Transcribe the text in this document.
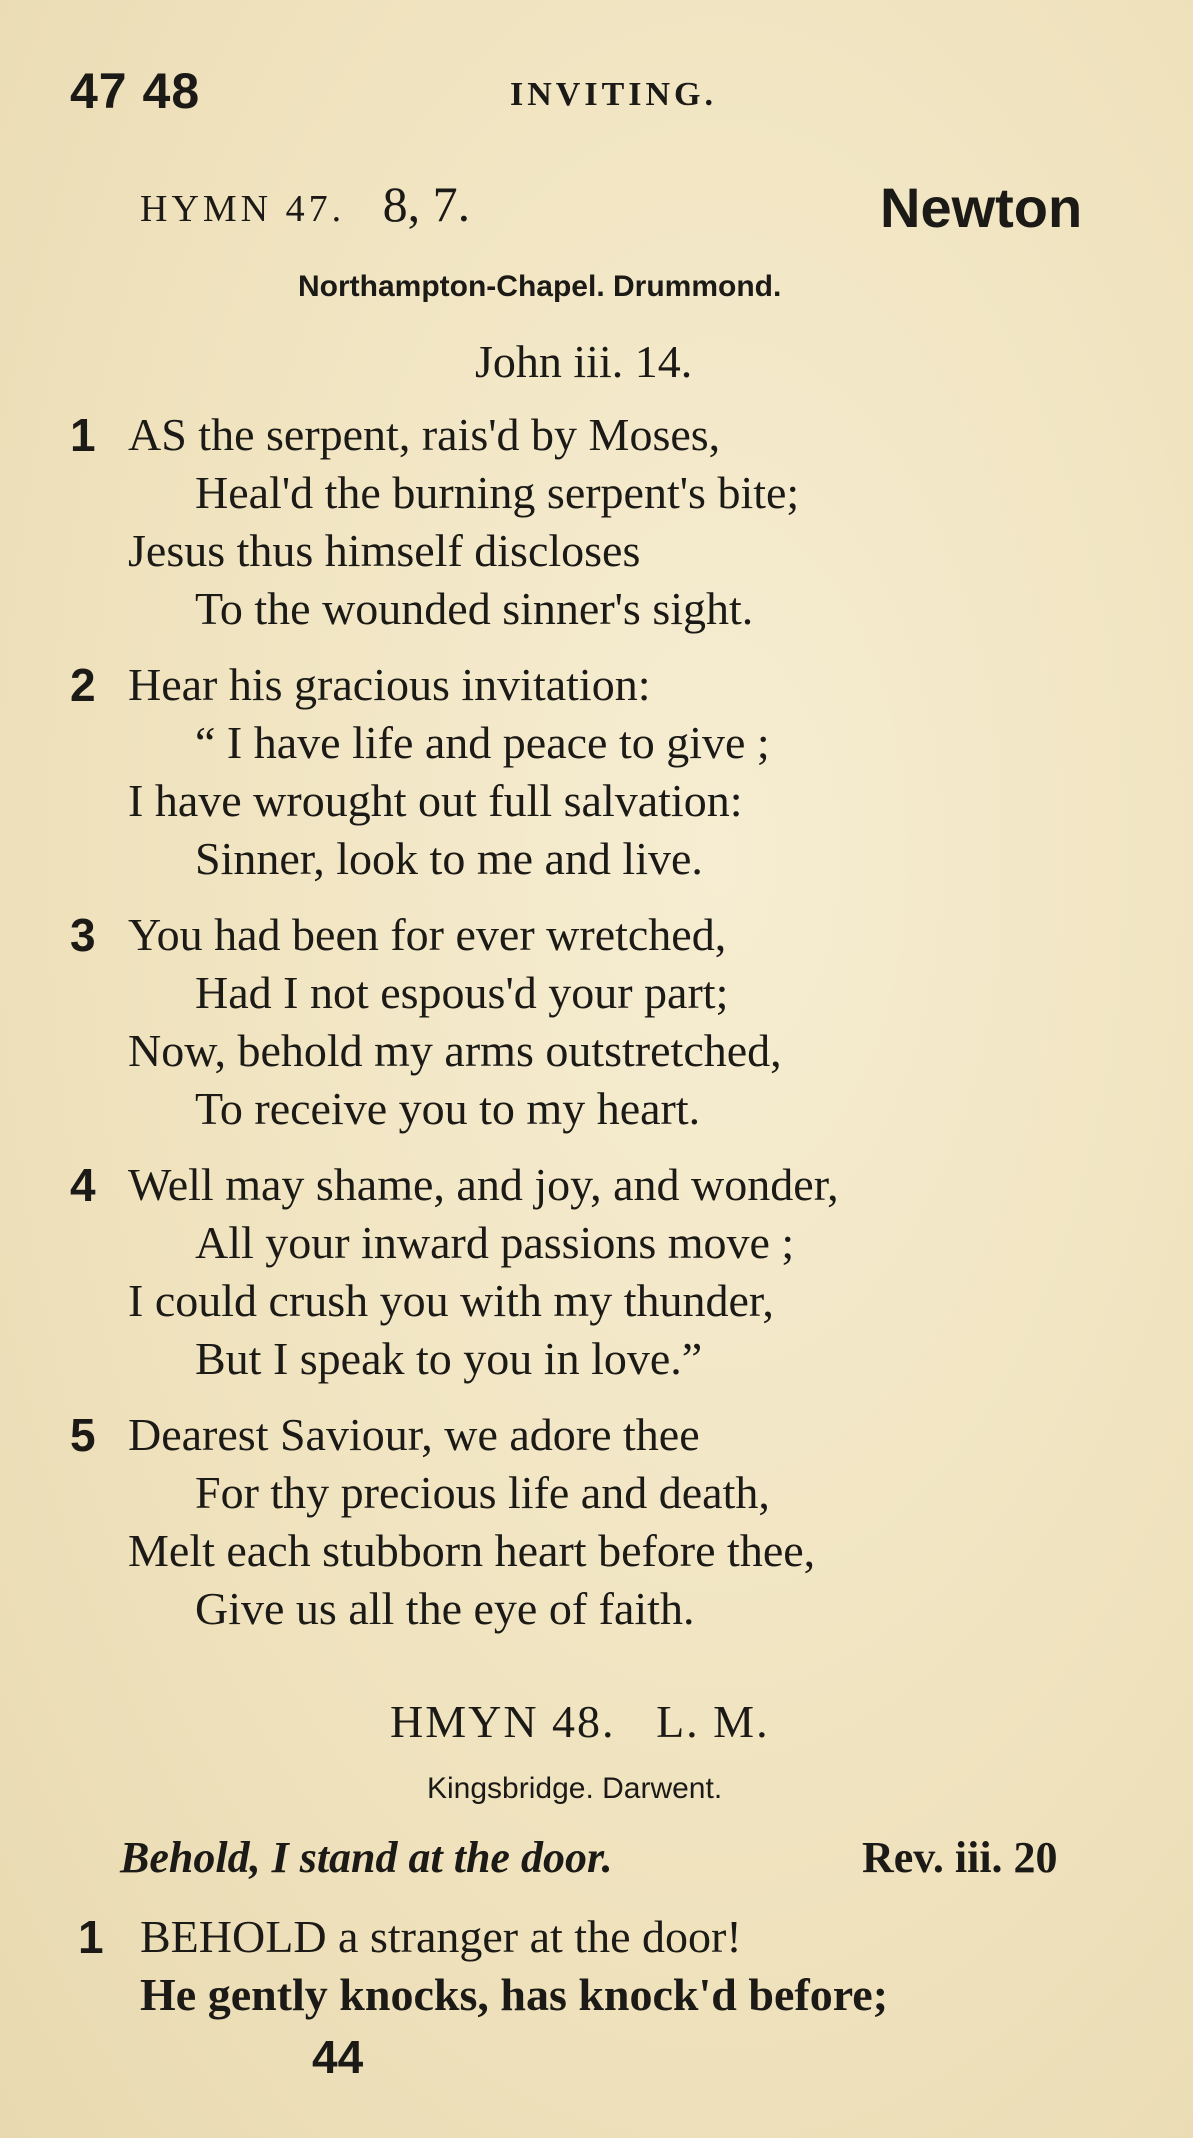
47 48	INVITING.
HYMN 47. 8, 7.	Newton
Northampton-Chapel. Drummond.
John iii. 14.
1 AS the serpent, rais'd by Moses,
Heal'd the burning serpent's bite;
Jesus thus himself discloses
To the wounded sinner's sight.
2 Hear his gracious invitation:
“ I have life and peace to give ;
I have wrought out full salvation:
Sinner, look to me and live.
3 You had been for ever wretched,
Had I not espous'd your part;
Now, behold my arms outstretched,
To receive you to my heart.
4 Well may shame, and joy, and wonder,
All your inward passions move ;
I could crush you with my thunder,
But I speak to you in love.”
5 Dearest Saviour, we adore thee
For thy precious life and death,
Melt each stubborn heart before thee,
Give us all the eye of faith.
HMYN 48. L. M.
Kingsbridge. Darwent.
Behold, I stand at the door.	Rev. iii. 20
1 BEHOLD a stranger at the door!
He gently knocks, has knock'd before;
44
